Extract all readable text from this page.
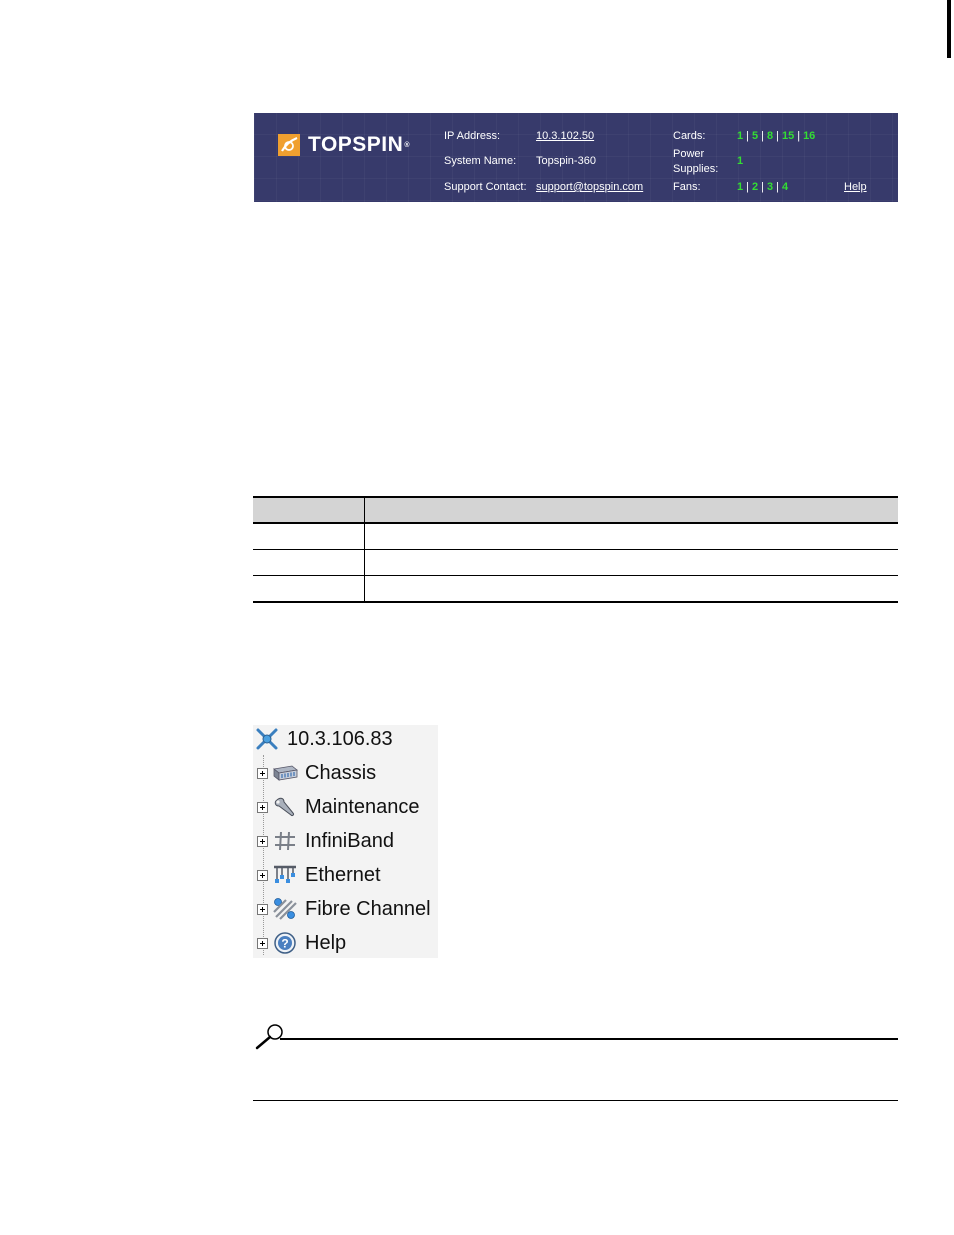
TOPSPIN ®
IP Address:	10.3.102.50
System Name: Topspin-360
Support Contact: support@topspin.com
Cards:	1 | 5 | 8 | 15 | 16
Power
Supplies:
1
Fans:	1 | 2 | 3 | 4	Help

10.3.106.83
Chassis
Maintenance
InfiniBand
Ethernet
Fibre Channel
? Help
